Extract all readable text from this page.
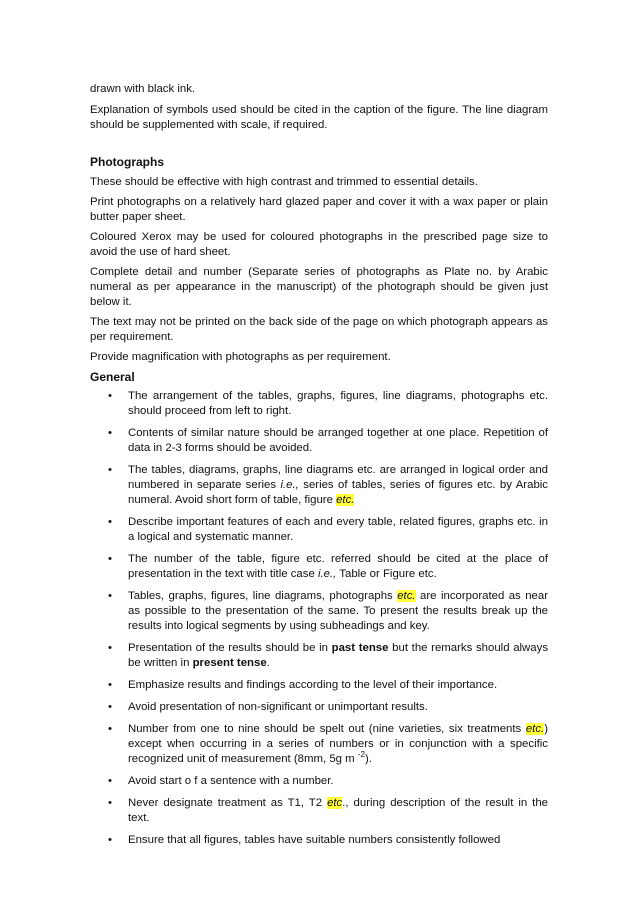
drawn with black ink.

Explanation of symbols used should be cited in the caption of the figure. The line diagram should be supplemented with scale, if required.

Photographs

These should be effective with high contrast and trimmed to essential details.

Print photographs on a relatively hard glazed paper and cover it with a wax paper or plain butter paper sheet.

Coloured Xerox may be used for coloured photographs in the prescribed page size to avoid the use of hard sheet.

Complete detail and number (Separate series of photographs as Plate no. by Arabic numeral as per appearance in the manuscript) of the photograph should be given just below it.

The text may not be printed on the back side of the page on which photograph appears as per requirement.

Provide magnification with photographs as per requirement.

General
• The arrangement of the tables, graphs, figures, line diagrams, photographs etc. should proceed from left to right.
• Contents of similar nature should be arranged together at one place. Repetition of data in 2-3 forms should be avoided.
• The tables, diagrams, graphs, line diagrams etc. are arranged in logical order and numbered in separate series i.e., series of tables, series of figures etc. by Arabic numeral. Avoid short form of table, figure etc.
• Describe important features of each and every table, related figures, graphs etc. in a logical and systematic manner.
• The number of the table, figure etc. referred should be cited at the place of presentation in the text with title case i.e., Table or Figure etc.
• Tables, graphs, figures, line diagrams, photographs etc. are incorporated as near as possible to the presentation of the same. To present the results break up the results into logical segments by using subheadings and key.
• Presentation of the results should be in past tense but the remarks should always be written in present tense.
• Emphasize results and findings according to the level of their importance.
• Avoid presentation of non-significant or unimportant results.
• Number from one to nine should be spelt out (nine varieties, six treatments etc.) except when occurring in a series of numbers or in conjunction with a specific recognized unit of measurement (8mm, 5g m $^{-2}$).
• Avoid start o f a sentence with a number.
• Never designate treatment as T1, T2 etc., during description of the result in the text.
• Ensure that all figures, tables have suitable numbers consistently followed
